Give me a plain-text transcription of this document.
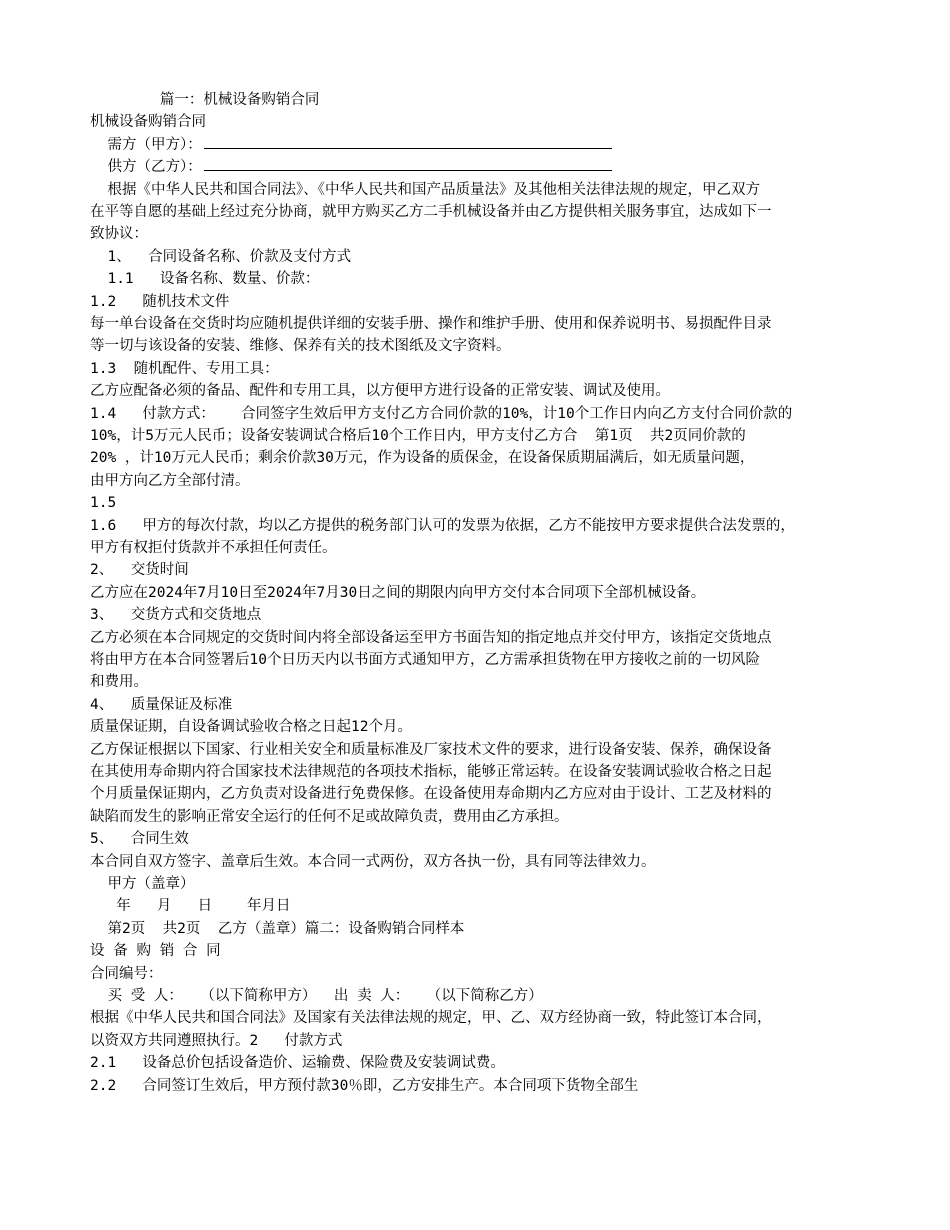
篇一：机械设备购销合同
机械设备购销合同
需方（甲方）：
供方（乙方）：
根据《中华人民共和国合同法》、《中华人民共和国产品质量法》及其他相关法律法规的规定，甲乙双方
在平等自愿的基础上经过充分协商，就甲方购买乙方二手机械设备并由乙方提供相关服务事宜，达成如下一
致协议：
1、  合同设备名称、价款及支付方式
1.1   设备名称、数量、价款：
1.2   随机技术文件
每一单台设备在交货时均应随机提供详细的安装手册、操作和维护手册、使用和保养说明书、易损配件目录
等一切与该设备的安装、维修、保养有关的技术图纸及文字资料。
1.3  随机配件、专用工具：
乙方应配备必须的备品、配件和专用工具，以方便甲方进行设备的正常安装、调试及使用。
1.4   付款方式：   合同签字生效后甲方支付乙方合同价款的10%，计10个工作日内向乙方支付合同价款的
10%，计5万元人民币；设备安装调试合格后10个工作日内，甲方支付乙方合  第1页  共2页同价款的
20% ，计10万元人民币；剩余价款30万元，作为设备的质保金，在设备保质期届满后，如无质量问题，
由甲方向乙方全部付清。
1.5
1.6   甲方的每次付款，均以乙方提供的税务部门认可的发票为依据，乙方不能按甲方要求提供合法发票的，
甲方有权拒付货款并不承担任何责任。
2、  交货时间
乙方应在2024年7月10日至2024年7月30日之间的期限内向甲方交付本合同项下全部机械设备。
3、  交货方式和交货地点
乙方必须在本合同规定的交货时间内将全部设备运至甲方书面告知的指定地点并交付甲方，该指定交货地点
将由甲方在本合同签署后10个日历天内以书面方式通知甲方，乙方需承担货物在甲方接收之前的一切风险
和费用。
4、  质量保证及标准
质量保证期，自设备调试验收合格之日起12个月。
乙方保证根据以下国家、行业相关安全和质量标准及厂家技术文件的要求，进行设备安装、保养，确保设备
在其使用寿命期内符合国家技术法律规范的各项技术指标，能够正常运转。在设备安装调试验收合格之日起
个月质量保证期内，乙方负责对设备进行免费保修。在设备使用寿命期内乙方应对由于设计、工艺及材料的
缺陷而发生的影响正常安全运行的任何不足或故障负责，费用由乙方承担。
5、  合同生效
本合同自双方签字、盖章后生效。本合同一式两份，双方各执一份，具有同等法律效力。
甲方（盖章）
年   月   日    年月日
第2页  共2页  乙方（盖章）篇二：设备购销合同样本
设 备 购 销 合 同
合同编号：
买 受 人：  （以下简称甲方）  出 卖 人：  （以下简称乙方）
根据《中华人民共和国合同法》及国家有关法律法规的规定，甲、乙、双方经协商一致，特此签订本合同，
以资双方共同遵照执行。2   付款方式
2.1   设备总价包括设备造价、运输费、保险费及安装调试费。
2.2   合同签订生效后，甲方预付款30％即，乙方安排生产。本合同项下货物全部生
